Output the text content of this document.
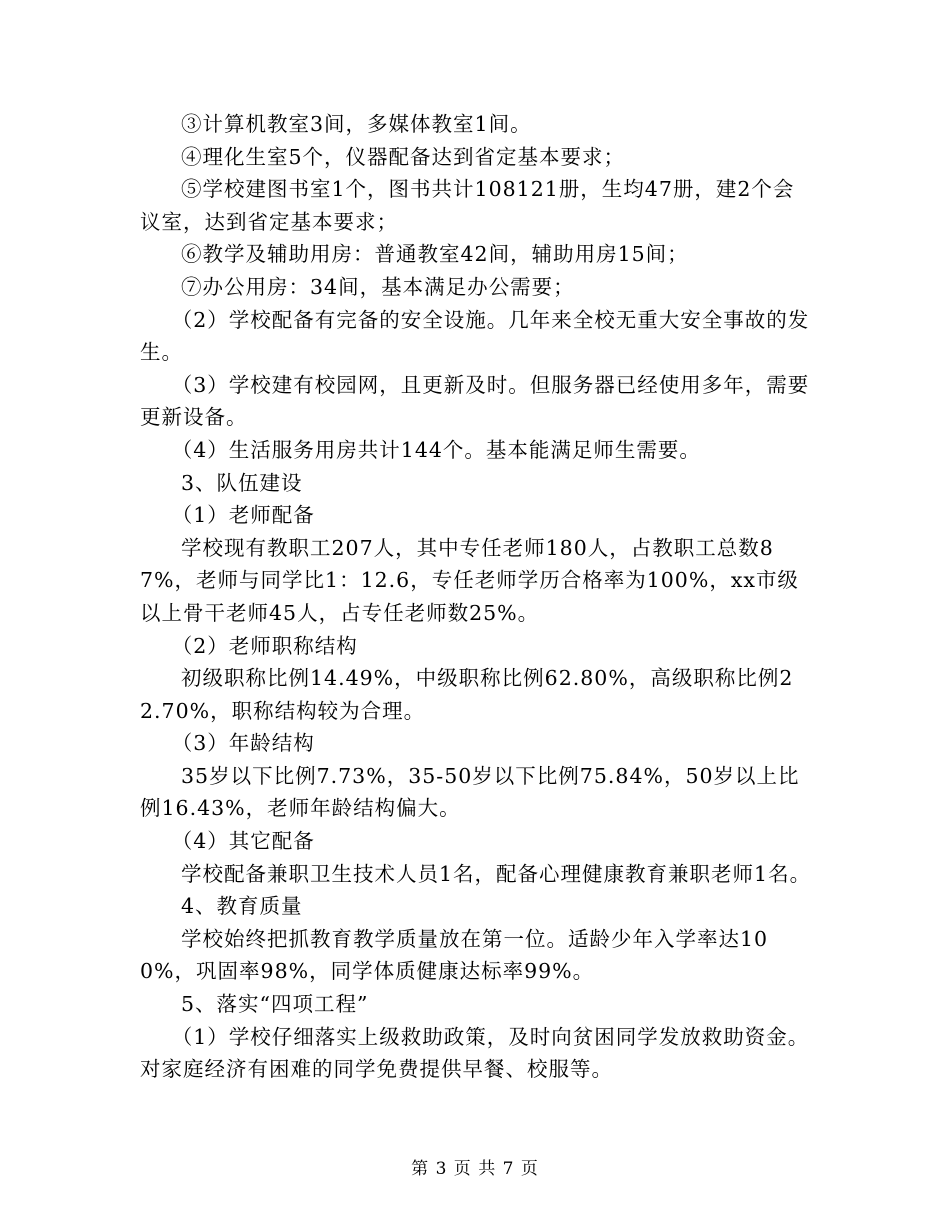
③计算机教室3间，多媒体教室1间。

④理化生室5个，仪器配备达到省定基本要求；

⑤学校建图书室1个，图书共计108121册，生均47册，建2个会议室，达到省定基本要求；

⑥教学及辅助用房：普通教室42间，辅助用房15间；

⑦办公用房：34间，基本满足办公需要；

（2）学校配备有完备的安全设施。几年来全校无重大安全事故的发生。

（3）学校建有校园网，且更新及时。但服务器已经使用多年，需要更新设备。

（4）生活服务用房共计144个。基本能满足师生需要。

3、队伍建设

（1）老师配备

学校现有教职工207人，其中专任老师180人，占教职工总数87%，老师与同学比1：12.6，专任老师学历合格率为100%，xx市级以上骨干老师45人，占专任老师数25%。

（2）老师职称结构

初级职称比例14.49%，中级职称比例62.80%，高级职称比例22.70%，职称结构较为合理。

（3）年龄结构

35岁以下比例7.73%，35-50岁以下比例75.84%，50岁以上比例16.43%，老师年龄结构偏大。

（4）其它配备

学校配备兼职卫生技术人员1名，配备心理健康教育兼职老师1名。

4、教育质量

学校始终把抓教育教学质量放在第一位。适龄少年入学率达100%，巩固率98%，同学体质健康达标率99%。

5、落实“四项工程”

（1）学校仔细落实上级救助政策，及时向贫困同学发放救助资金。对家庭经济有困难的同学免费提供早餐、校服等。

第 3 页 共 7 页
